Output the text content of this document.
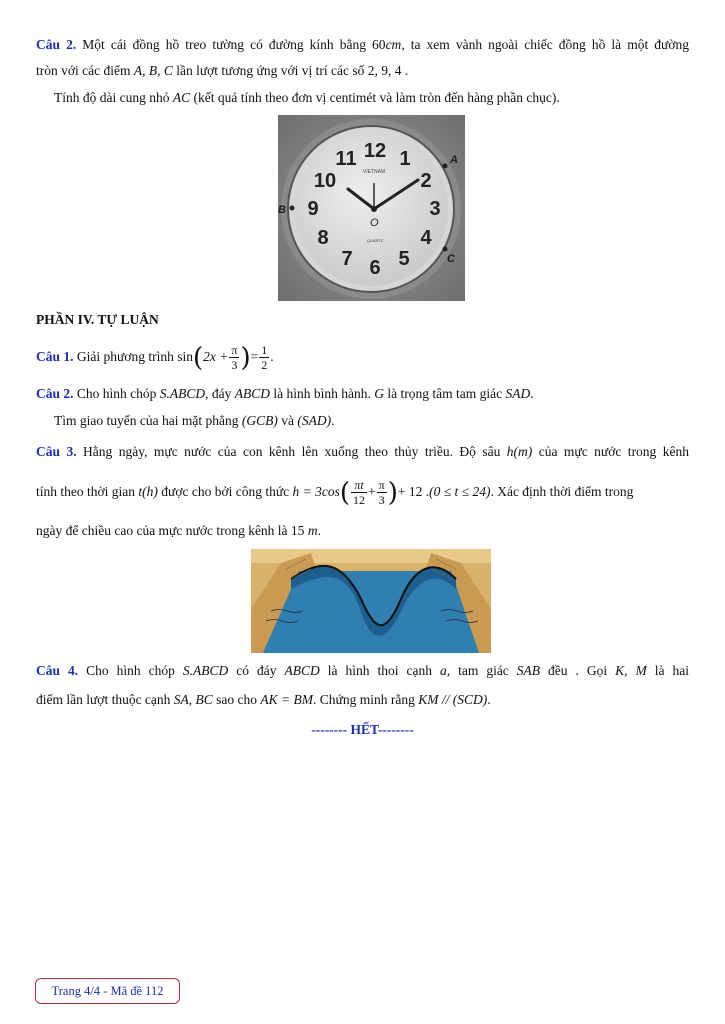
Câu 2. Một cái đồng hồ treo tường có đường kính bằng 60cm, ta xem vành ngoài chiếc đồng hồ là một đường
tròn với các điểm A, B, C lần lượt tương ứng với vị trí các số 2, 9, 4 .
Tính độ dài cung nhỏ AC (kết quả tính theo đơn vị centimét và làm tròn đến hàng phần chục).
12 1
2
3
4
5
6
7
8
9
10
11
VIETNAM
QUARTZ
O
A
B
C
PHẦN IV. TỰ LUẬN
Câu 1. Giải phương trình $\sin(2x + \frac{\pi}{3}$ )= $\frac{1}{2}$ .
Câu 2. Cho hình chóp S.ABCD, đáy ABCD là hình bình hành. G là trọng tâm tam giác SAD.
Tìm giao tuyến của hai mặt phẳng (GCB) và (SAD).
Câu 3. Hằng ngày, mực nước của con kênh lên xuống theo thủy triều. Độ sâu h(m) của mực nước trong kênh
tính theo thời gian t(h) được cho bởi công thức $h = 3\cos( \frac{\pi t}{12} + \frac{\pi}{3}$ )+ 12 .(0 ≤ t ≤ 24). Xác định thời điểm trong
ngày để chiều cao của mực nước trong kênh là 15 m.
Câu 4. Cho hình chóp S.ABCD có đáy ABCD là hình thoi cạnh a, tam giác SAB đều . Gọi K, M là hai
điểm lần lượt thuộc cạnh SA, BC sao cho AK = BM. Chứng minh rằng KM // (SCD).
-------- HẾT--------
Trang 4/4 - Mã đề 112
